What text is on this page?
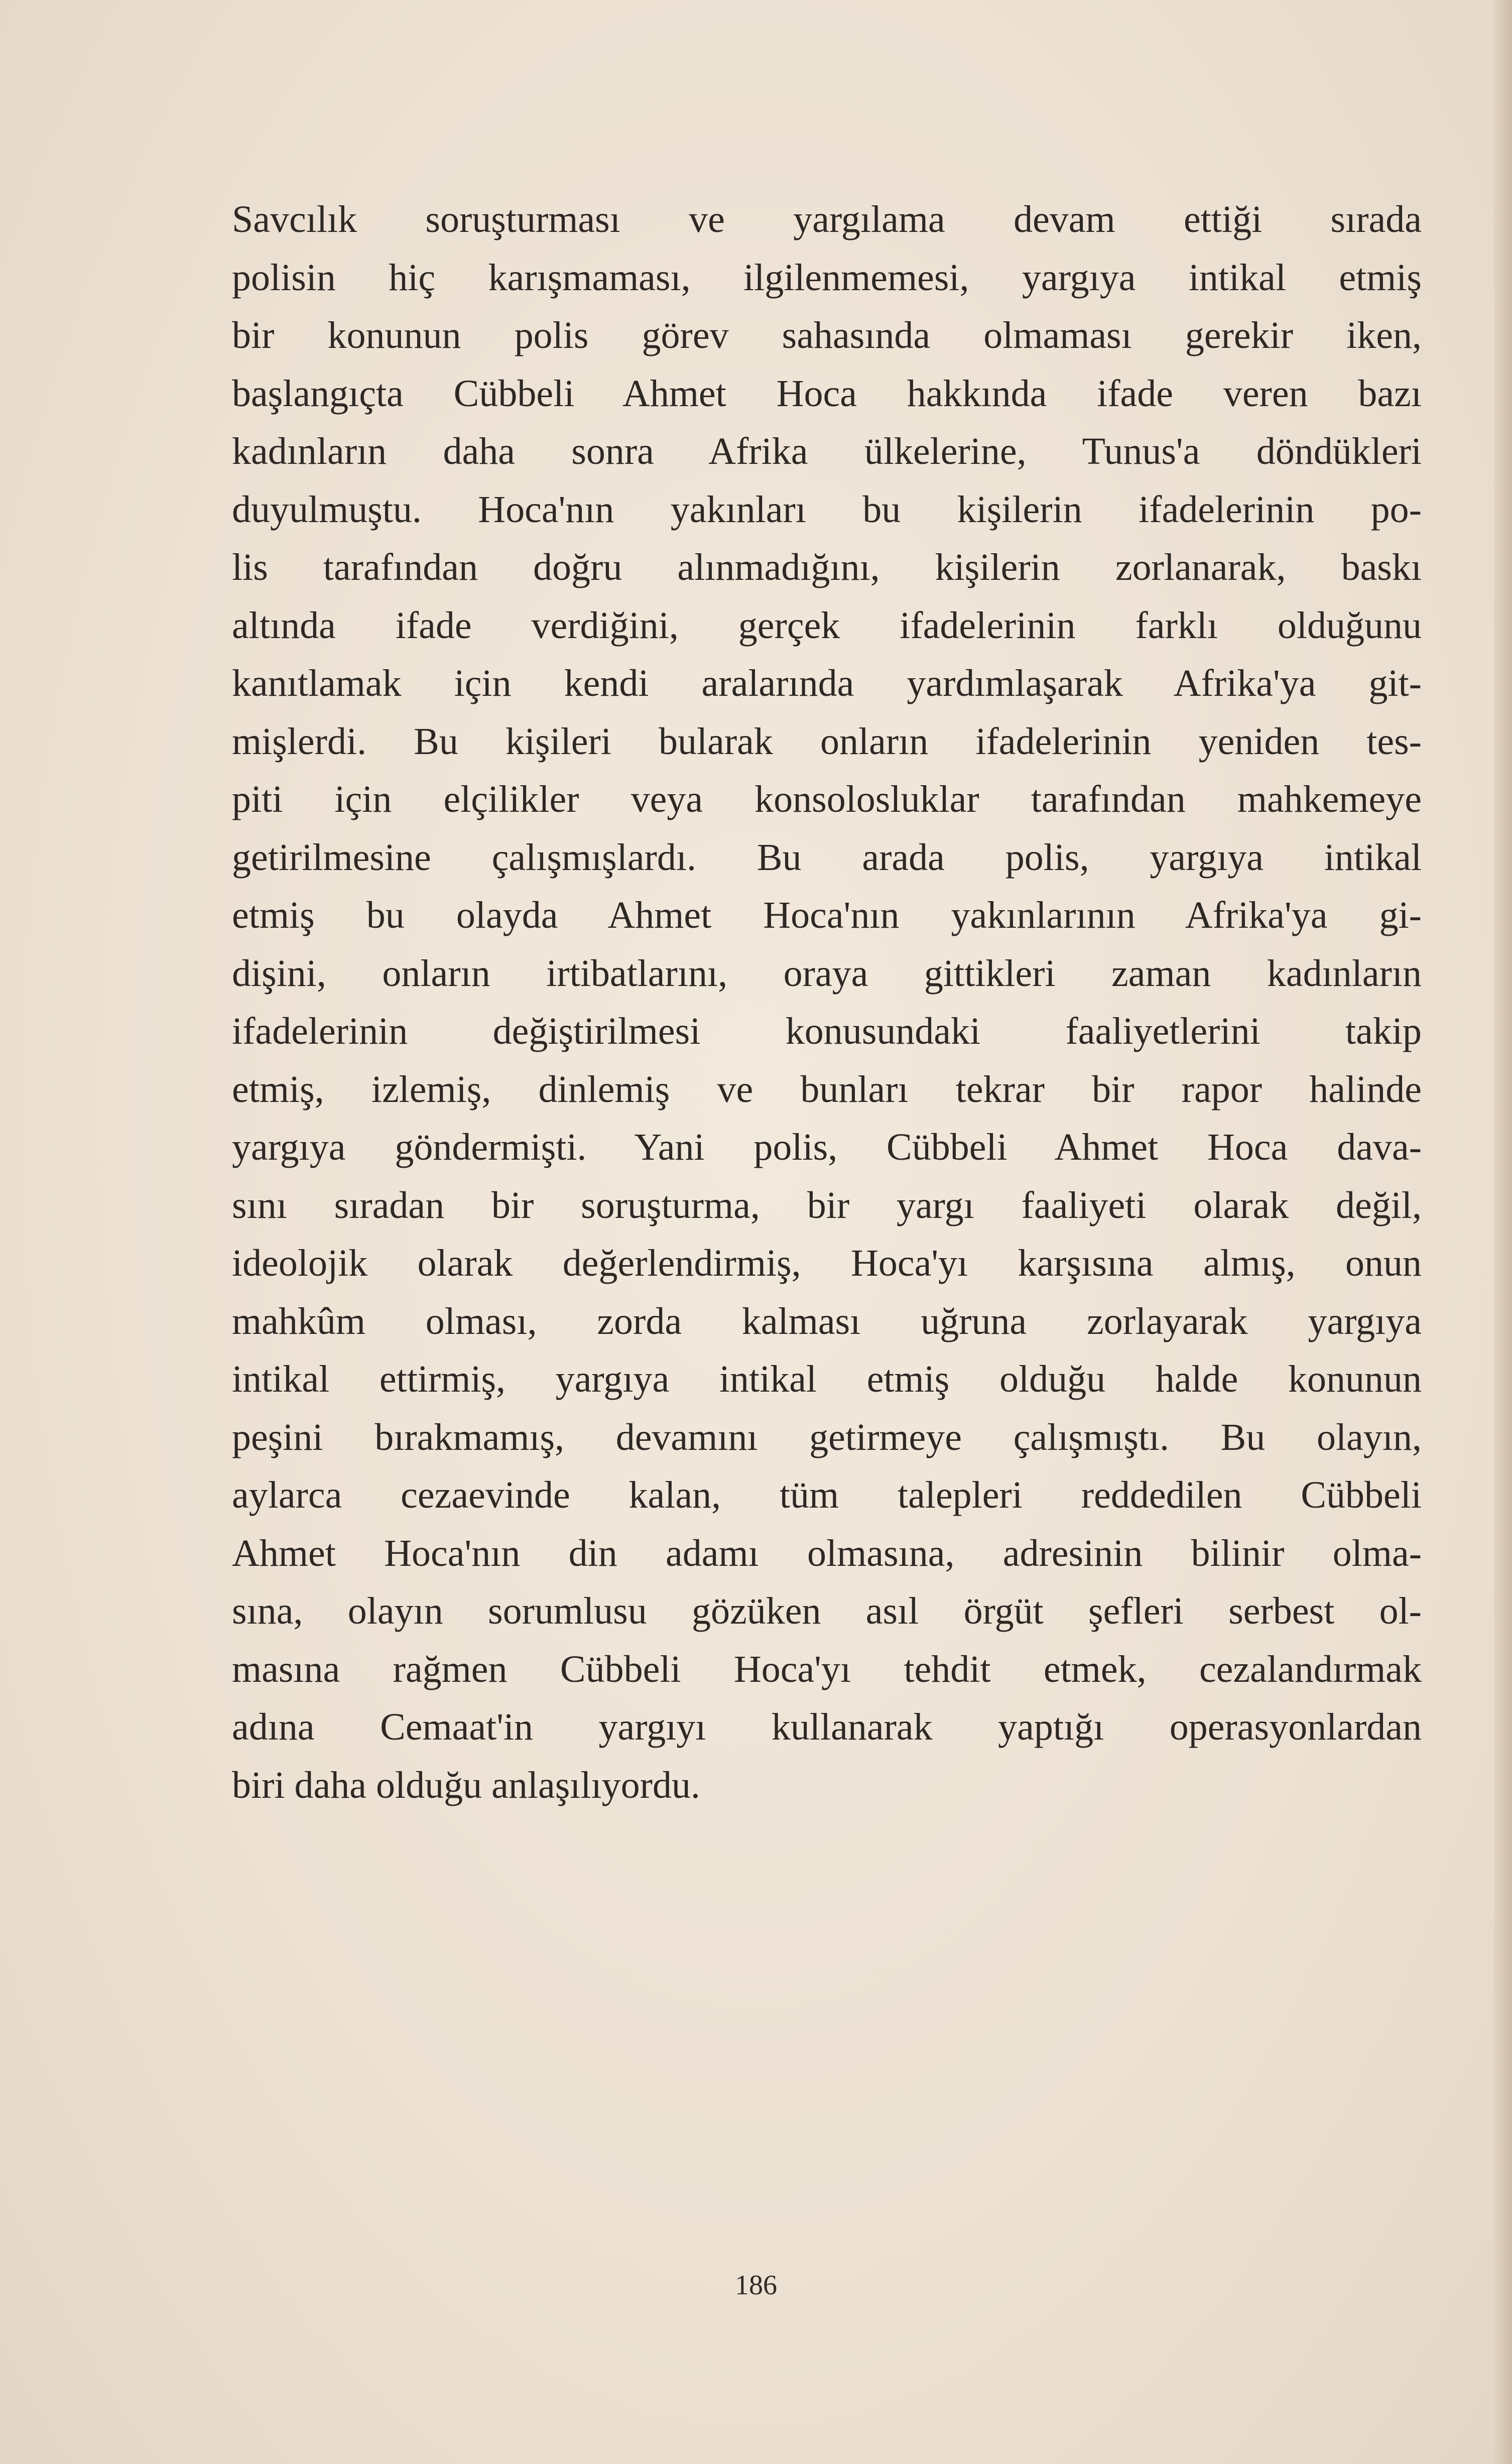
Savcılık soruşturması ve yargılama devam ettiği sırada
polisin hiç karışmaması, ilgilenmemesi, yargıya intikal etmiş
bir konunun polis görev sahasında olmaması gerekir iken,
başlangıçta Cübbeli Ahmet Hoca hakkında ifade veren bazı
kadınların daha sonra Afrika ülkelerine, Tunus'a döndükleri
duyulmuştu. Hoca'nın yakınları bu kişilerin ifadelerinin po-
lis tarafından doğru alınmadığını, kişilerin zorlanarak, baskı
altında ifade verdiğini, gerçek ifadelerinin farklı olduğunu
kanıtlamak için kendi aralarında yardımlaşarak Afrika'ya git-
mişlerdi. Bu kişileri bularak onların ifadelerinin yeniden tes-
piti için elçilikler veya konsolosluklar tarafından mahkemeye
getirilmesine çalışmışlardı. Bu arada polis, yargıya intikal
etmiş bu olayda Ahmet Hoca'nın yakınlarının Afrika'ya gi-
dişini, onların irtibatlarını, oraya gittikleri zaman kadınların
ifadelerinin değiştirilmesi konusundaki faaliyetlerini takip
etmiş, izlemiş, dinlemiş ve bunları tekrar bir rapor halinde
yargıya göndermişti. Yani polis, Cübbeli Ahmet Hoca dava-
sını sıradan bir soruşturma, bir yargı faaliyeti olarak değil,
ideolojik olarak değerlendirmiş, Hoca'yı karşısına almış, onun
mahkûm olması, zorda kalması uğruna zorlayarak yargıya
intikal ettirmiş, yargıya intikal etmiş olduğu halde konunun
peşini bırakmamış, devamını getirmeye çalışmıştı. Bu olayın,
aylarca cezaevinde kalan, tüm talepleri reddedilen Cübbeli
Ahmet Hoca'nın din adamı olmasına, adresinin bilinir olma-
sına, olayın sorumlusu gözüken asıl örgüt şefleri serbest ol-
masına rağmen Cübbeli Hoca'yı tehdit etmek, cezalandırmak
adına Cemaat'in yargıyı kullanarak yaptığı operasyonlardan
biri daha olduğu anlaşılıyordu.
186
